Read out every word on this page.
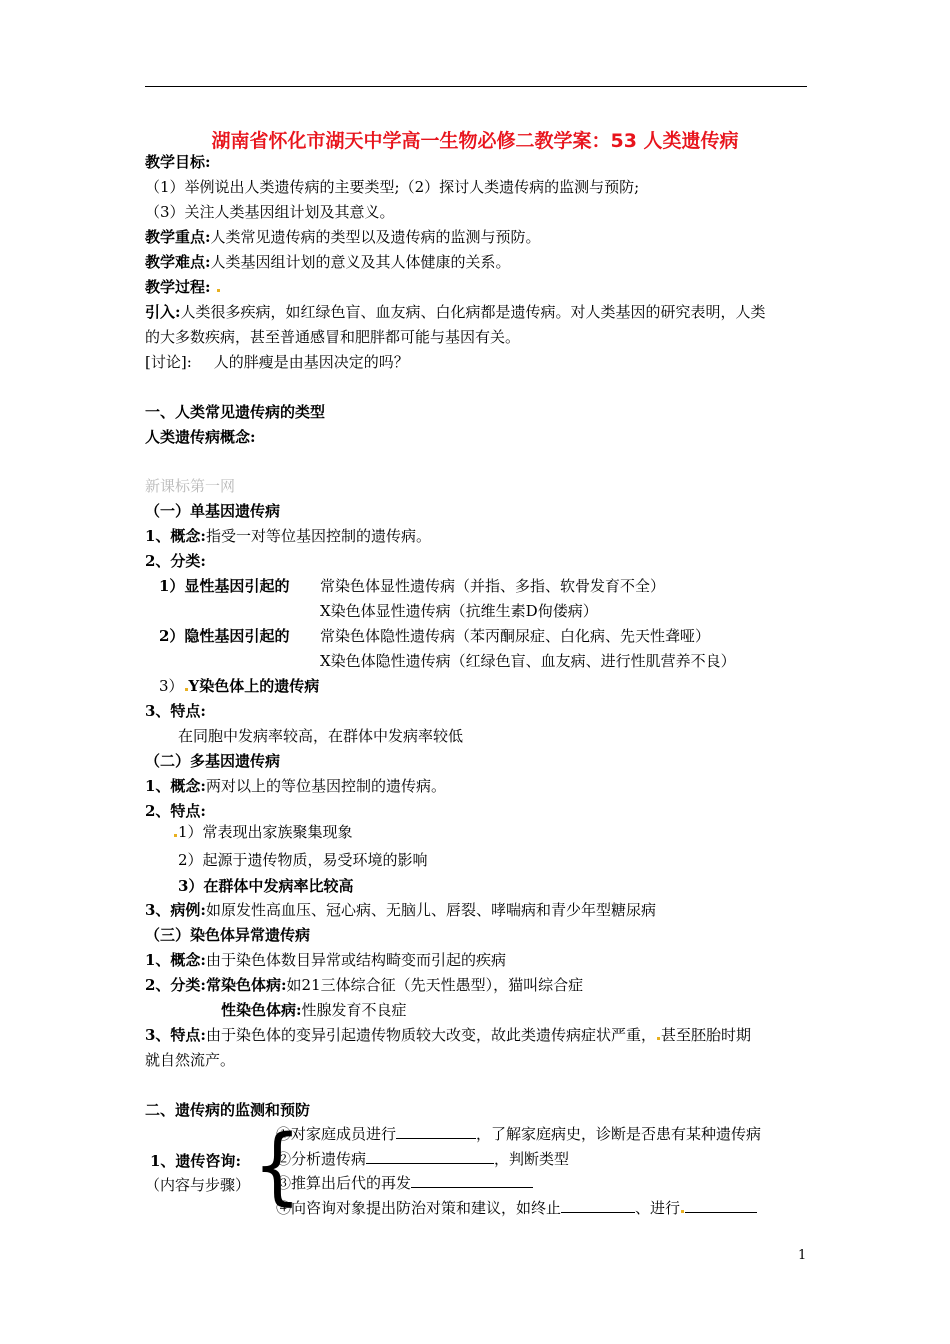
湖南省怀化市湖天中学高一生物必修二教学案：53 人类遗传病
教学目标:
（1）举例说出人类遗传病的主要类型;（2）探讨人类遗传病的监测与预防;
（3）关注人类基因组计划及其意义。
教学重点:人类常见遗传病的类型以及遗传病的监测与预防。
教学难点:人类基因组计划的意义及其人体健康的关系。
教学过程:
引入:人类很多疾病，如红绿色盲、血友病、白化病都是遗传病。对人类基因的研究表明，人类
的大多数疾病，甚至普通感冒和肥胖都可能与基因有关。
[讨论]: 人的胖瘦是由基因决定的吗？
一、人类常见遗传病的类型
人类遗传病概念:
新课标第一网
（一）单基因遗传病
1、概念:指受一对等位基因控制的遗传病。
2、分类:
1）显性基因引起的 常染色体显性遗传病（并指、多指、软骨发育不全）
X染色体显性遗传病（抗维生素D佝偻病）
2）隐性基因引起的 常染色体隐性遗传病（苯丙酮尿症、白化病、先天性聋哑）
X染色体隐性遗传病（红绿色盲、血友病、进行性肌营养不良）
3） Y染色体上的遗传病
3、特点:
在同胞中发病率较高，在群体中发病率较低
（二）多基因遗传病
1、概念:两对以上的等位基因控制的遗传病。
2、特点:
1）常表现出家族聚集现象
2）起源于遗传物质，易受环境的影响
3）在群体中发病率比较高
3、病例:如原发性高血压、冠心病、无脑儿、唇裂、哮喘病和青少年型糖尿病
（三）染色体异常遗传病
1、概念:由于染色体数目异常或结构畸变而引起的疾病
2、分类:常染色体病:如21三体综合征（先天性愚型），猫叫综合症
性染色体病:性腺发育不良症
3、特点:由于染色体的变异引起遗传物质较大改变，故此类遗传病症状严重， 甚至胚胎时期
就自然流产。
二、遗传病的监测和预防
1、遗传咨询:
（内容与步骤） {
①对家庭成员进行	，了解家庭病史，诊断是否患有某种遗传病
②分析遗传病	，判断类型
③推算出后代的再发
④向咨询对象提出防治对策和建议，如终止	、进行
1
